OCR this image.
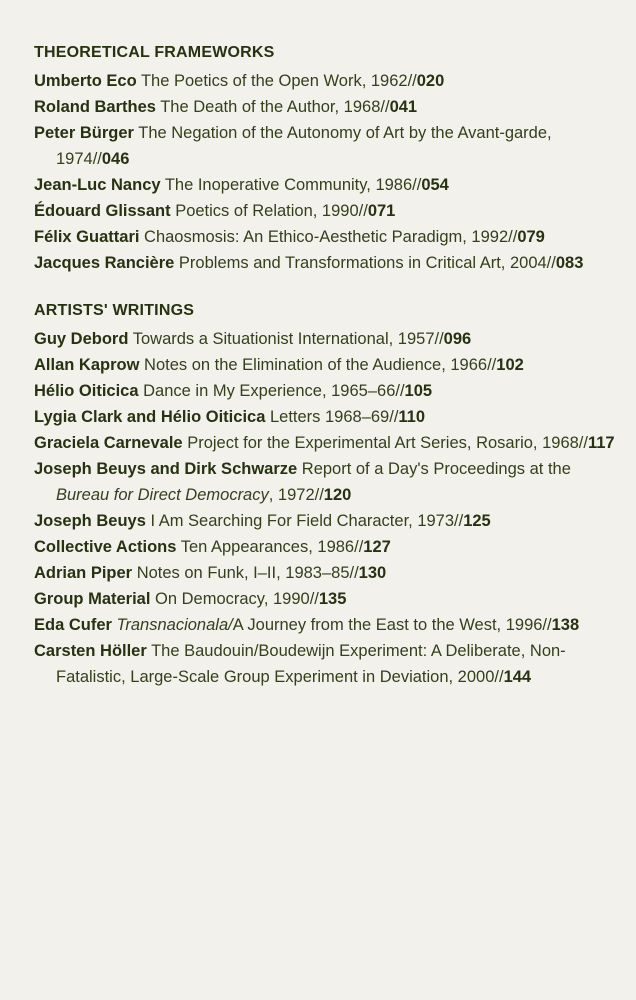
THEORETICAL FRAMEWORKS

Umberto Eco The Poetics of the Open Work, 1962//020

Roland Barthes The Death of the Author, 1968//041

Peter Bürger The Negation of the Autonomy of Art by the Avant-garde, 1974//046

Jean-Luc Nancy The Inoperative Community, 1986//054

Édouard Glissant Poetics of Relation, 1990//071

Félix Guattari Chaosmosis: An Ethico-Aesthetic Paradigm, 1992//079

Jacques Rancière Problems and Transformations in Critical Art, 2004//083

ARTISTS' WRITINGS

Guy Debord Towards a Situationist International, 1957//096

Allan Kaprow Notes on the Elimination of the Audience, 1966//102

Hélio Oiticica Dance in My Experience, 1965–66//105

Lygia Clark and Hélio Oiticica Letters 1968–69//110

Graciela Carnevale Project for the Experimental Art Series, Rosario, 1968//117

Joseph Beuys and Dirk Schwarze Report of a Day's Proceedings at the Bureau for Direct Democracy, 1972//120

Joseph Beuys I Am Searching For Field Character, 1973//125

Collective Actions Ten Appearances, 1986//127

Adrian Piper Notes on Funk, I–II, 1983–85//130

Group Material On Democracy, 1990//135

Eda Cufer Transnacionala/A Journey from the East to the West, 1996//138

Carsten Höller The Baudouin/Boudewijn Experiment: A Deliberate, Non-Fatalistic, Large-Scale Group Experiment in Deviation, 2000//144
